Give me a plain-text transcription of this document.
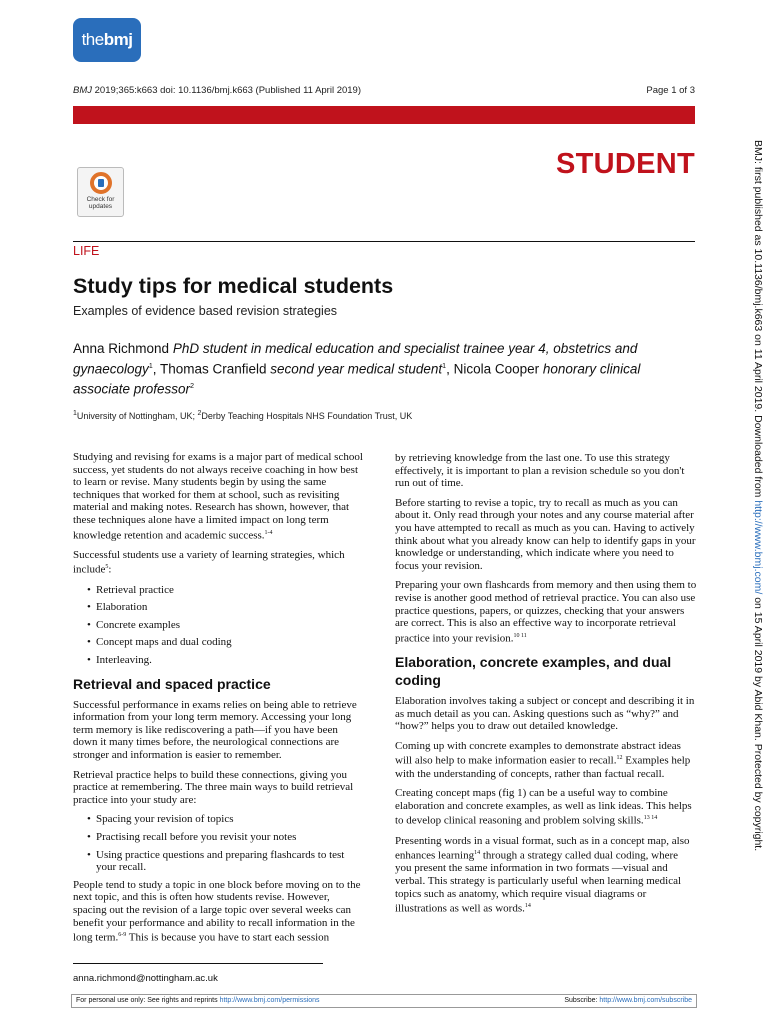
thebmj
BMJ 2019;365:k663 doi: 10.1136/bmj.k663 (Published 11 April 2019)	Page 1 of 3
STUDENT
Check for updates
LIFE
Study tips for medical students
Examples of evidence based revision strategies
Anna Richmond PhD student in medical education and specialist trainee year 4, obstetrics and gynaecology$^1$, Thomas Cranfield second year medical student$^1$, Nicola Cooper honorary clinical associate professor$^2$
$^1$University of Nottingham, UK; $^2$Derby Teaching Hospitals NHS Foundation Trust, UK

Studying and revising for exams is a major part of medical school success, yet students do not always receive coaching in how best to learn or revise. Many students begin by using the same techniques that worked for them at school, such as revisiting material and making notes. Research has shown, however, that these techniques alone have a limited impact on long term knowledge retention and academic success.$^{1-4}$

Successful students use a variety of learning strategies, which include$^5$:

• Retrieval practice
• Elaboration
• Concrete examples
• Concept maps and dual coding
• Interleaving.
Retrieval and spaced practice

Successful performance in exams relies on being able to retrieve information from your long term memory. Accessing your long term memory is like rediscovering a path—if you have been down it many times before, the neurological connections are stronger and information is easier to remember.

Retrieval practice helps to build these connections, giving you practice at remembering. The three main ways to build retrieval practice into your study are:

• Spacing your revision of topics
• Practising recall before you revisit your notes
• Using practice questions and preparing flashcards to test your recall.

People tend to study a topic in one block before moving on to the next topic, and this is often how students revise. However, spacing out the revision of a large topic over several weeks can benefit your performance and ability to recall information in the long term.$^{6-9}$ This is because you have to start each session

by retrieving knowledge from the last one. To use this strategy effectively, it is important to plan a revision schedule so you don't run out of time.

Before starting to revise a topic, try to recall as much as you can about it. Only read through your notes and any course material after you have attempted to recall as much as you can. Having to actively think about what you already know can help to identify gaps in your knowledge or understanding, which indicate where you need to focus your revision.

Preparing your own flashcards from memory and then using them to revise is another good method of retrieval practice. You can also use practice questions, papers, or quizzes, checking that your answers are correct. This is also an effective way to incorporate retrieval practice into your revision.$^{10 11}$

Elaboration, concrete examples, and dual coding

Elaboration involves taking a subject or concept and describing it in as much detail as you can. Asking questions such as “why?” and “how?” helps you to draw out detailed knowledge.

Coming up with concrete examples to demonstrate abstract ideas will also help to make information easier to recall.$^{12}$ Examples help with the understanding of concepts, rather than factual recall.

Creating concept maps (fig 1) can be a useful way to combine elaboration and concrete examples, as well as link ideas. This helps to develop clinical reasoning and problem solving skills.$^{13 14}$

Presenting words in a visual format, such as in a concept map, also enhances learning$^{14}$ through a strategy called dual coding, where you present the same information in two formats —visual and verbal. This strategy is particularly useful when learning medical topics such as anatomy, which require visual diagrams or illustrations as well as words.$^{14}$

anna.richmond@nottingham.ac.uk
For personal use only: See rights and reprints http://www.bmj.com/permissions	Subscribe: http://www.bmj.com/subscribe
BMJ: first published as 10.1136/bmj.k663 on 11 April 2019. Downloaded from http://www.bmj.com/ on 15 April 2019 by Abid Khan. Protected by copyright.
